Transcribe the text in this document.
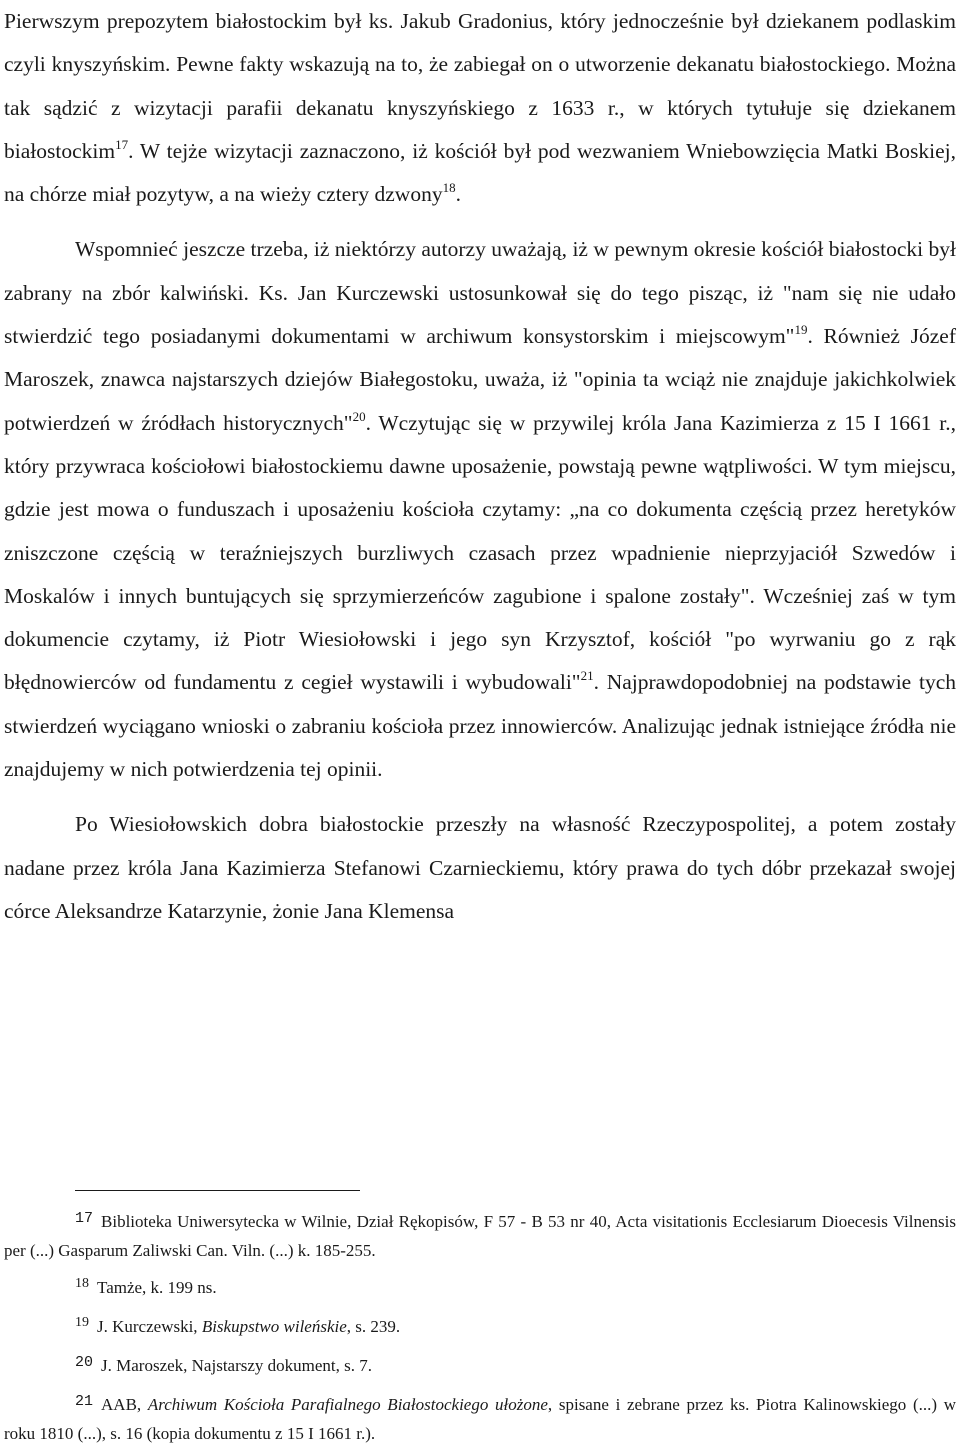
Pierwszym prepozytem białostockim był ks. Jakub Gradonius, który jednocześnie był dziekanem podlaskim czyli knyszyńskim. Pewne fakty wskazują na to, że zabiegał on o utworzenie dekanatu białostockiego. Można tak sądzić z wizytacji parafii dekanatu knyszyńskiego z 1633 r., w których tytułuje się dziekanem białostockim$^{17}$. W tejże wizytacji zaznaczono, iż kościół był pod wezwaniem Wniebowzięcia Matki Boskiej, na chórze miał pozytyw, a na wieży cztery dzwony$^{18}$.

Wspomnieć jeszcze trzeba, iż niektórzy autorzy uważają, iż w pewnym okresie kościół białostocki był zabrany na zbór kalwiński. Ks. Jan Kurczewski ustosunkował się do tego pisząc, iż "nam się nie udało stwierdzić tego posiadanymi dokumentami w archiwum konsystorskim i miejscowym"$^{19}$. Również Józef Maroszek, znawca najstarszych dziejów Białegostoku, uważa, iż "opinia ta wciąż nie znajduje jakichkolwiek potwierdzeń w źródłach historycznych"$^{20}$. Wczytując się w przywilej króla Jana Kazimierza z 15 I 1661 r., który przywraca kościołowi białostockiemu dawne uposażenie, powstają pewne wątpliwości. W tym miejscu, gdzie jest mowa o funduszach i uposażeniu kościoła czytamy: „na co dokumenta częścią przez heretyków zniszczone częścią w teraźniejszych burzliwych czasach przez wpadnienie nieprzyjaciół Szwedów i Moskalów i innych buntujących się sprzymierzeńców zagubione i spalone zostały". Wcześniej zaś w tym dokumencie czytamy, iż Piotr Wiesiołowski i jego syn Krzysztof, kościół "po wyrwaniu go z rąk błędnowierców od fundamentu z cegieł wystawili i wybudowali"$^{21}$. Najprawdopodobniej na podstawie tych stwierdzeń wyciągano wnioski o zabraniu kościoła przez innowierców. Analizując jednak istniejące źródła nie znajdujemy w nich potwierdzenia tej opinii.

Po Wiesiołowskich dobra białostockie przeszły na własność Rzeczypospolitej, a potem zostały nadane przez króla Jana Kazimierza Stefanowi Czarnieckiemu, który prawa do tych dóbr przekazał swojej córce Aleksandrze Katarzynie, żonie Jana Klemensa

17 Biblioteka Uniwersytecka w Wilnie, Dział Rękopisów, F 57 - B 53 nr 40, Acta visitationis Ecclesiarum Dioecesis Vilnensis per (...) Gasparum Zaliwski Can. Viln. (...) k. 185-255.

$^{18}$ Tamże, k. 199 ns.

$^{19}$ J. Kurczewski, Biskupstwo wileńskie, s. 239.

20 J. Maroszek, Najstarszy dokument, s. 7.

21 AAB, Archiwum Kościoła Parafialnego Białostockiego ułożone, spisane i zebrane przez ks. Piotra Kalinowskiego (...) w roku 1810 (...), s. 16 (kopia dokumentu z 15 I 1661 r.).
